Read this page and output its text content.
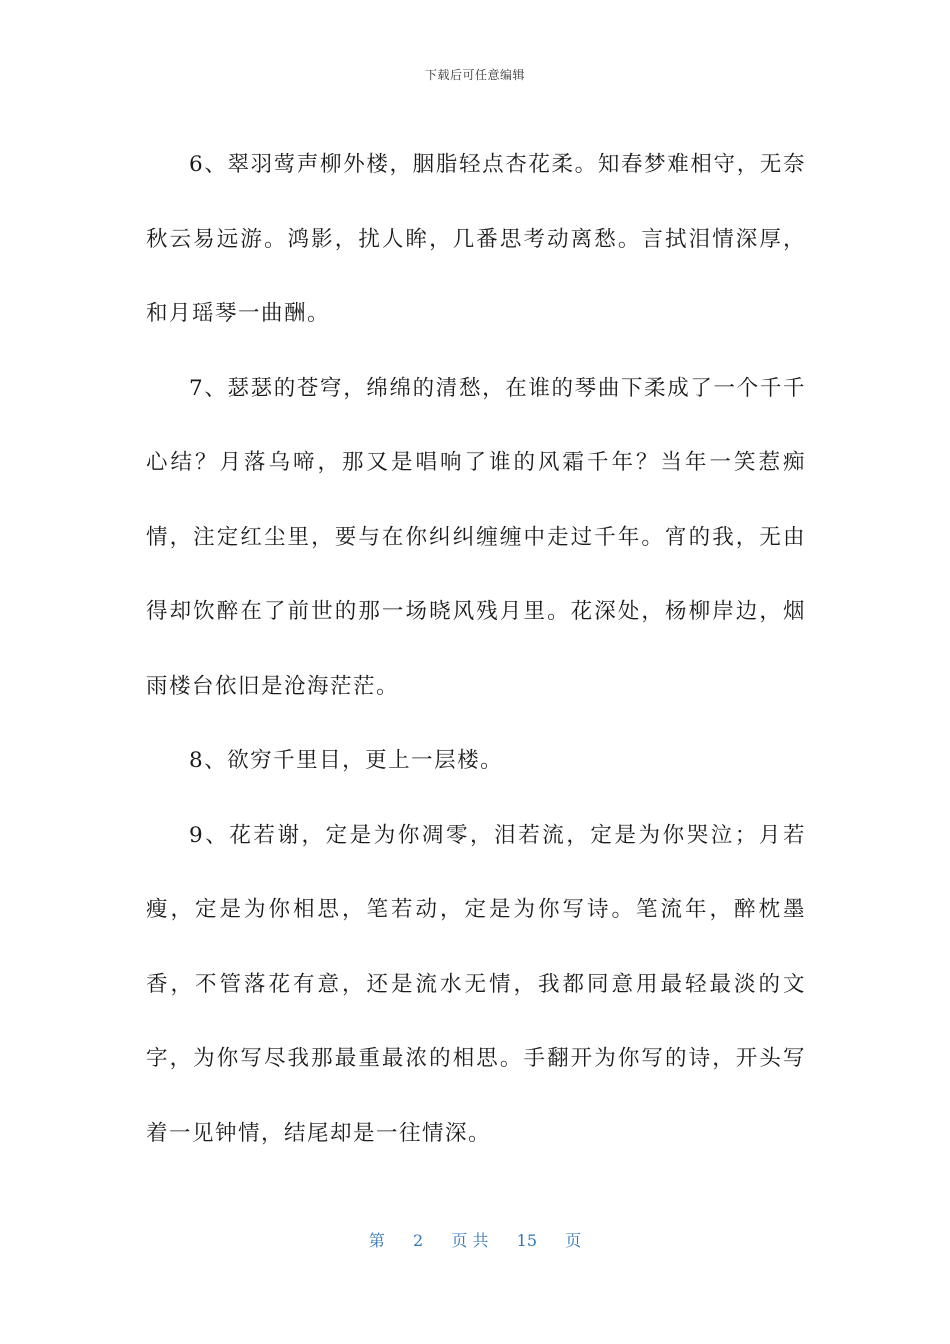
下载后可任意编辑

6、翠羽莺声柳外楼，胭脂轻点杏花柔。知春梦难相守，无奈秋云易远游。鸿影，扰人眸，几番思考动离愁。言拭泪情深厚，和月瑶琴一曲酬。

7、瑟瑟的苍穹，绵绵的清愁，在谁的琴曲下柔成了一个千千心结？月落乌啼，那又是唱响了谁的风霜千年？当年一笑惹痴情，注定红尘里，要与在你纠纠缠缠中走过千年。宵的我，无由得却饮醉在了前世的那一场晓风残月里。花深处，杨柳岸边，烟雨楼台依旧是沧海茫茫。

8、欲穷千里目，更上一层楼。

9、花若谢，定是为你凋零，泪若流，定是为你哭泣；月若瘦，定是为你相思，笔若动，定是为你写诗。笔流年，醉枕墨香，不管落花有意，还是流水无情，我都同意用最轻最淡的文字，为你写尽我那最重最浓的相思。手翻开为你写的诗，开头写着一见钟情，结尾却是一往情深。

第 2 页 共 15 页
